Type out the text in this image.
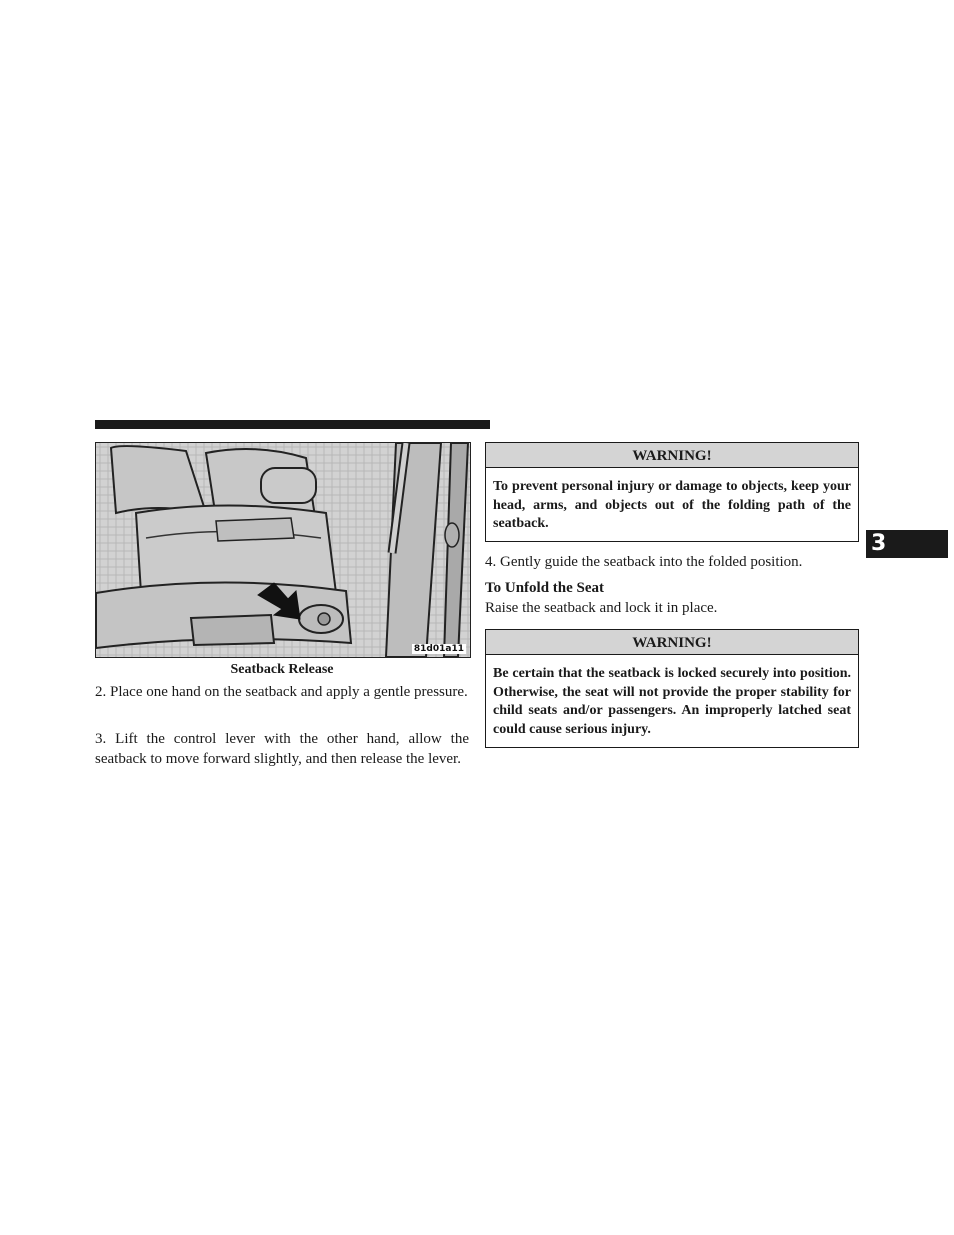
81d01a11
Seatback Release

2. Place one hand on the seatback and apply a gentle pressure.

3. Lift the control lever with the other hand, allow the seatback to move forward slightly, and then release the lever.

WARNING!
To prevent personal injury or damage to objects, keep your head, arms, and objects out of the folding path of the seatback.

4. Gently guide the seatback into the folded position.

To Unfold the Seat

Raise the seatback and lock it in place.

WARNING!
Be certain that the seatback is locked securely into position. Otherwise, the seat will not provide the proper stability for child seats and/or passengers. An improperly latched seat could cause serious injury.
3
